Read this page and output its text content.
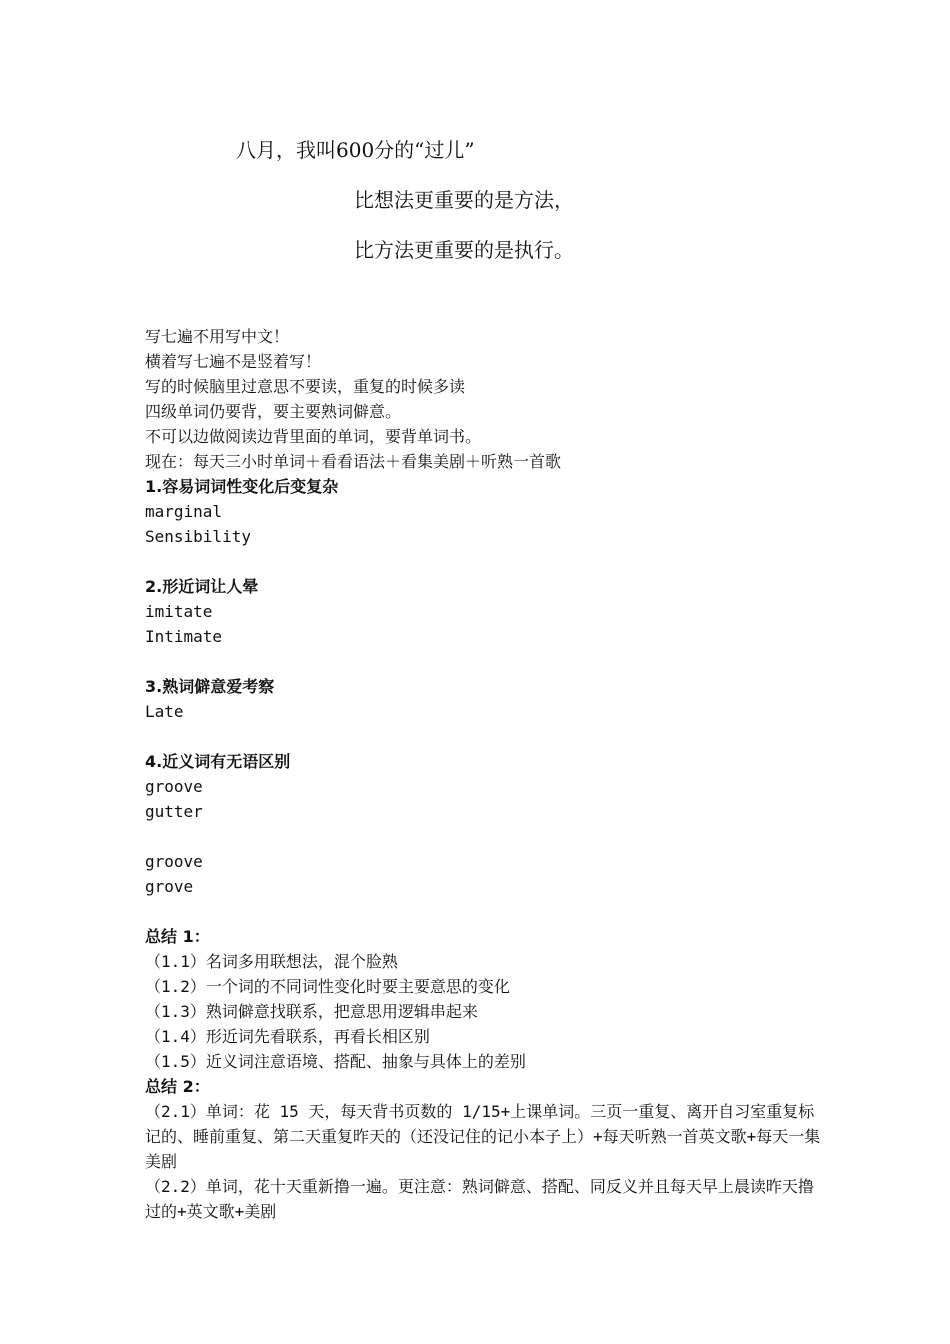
八月，我叫600分的“过儿”
比想法更重要的是方法，
比方法更重要的是执行。
写七遍不用写中文！
横着写七遍不是竖着写！
写的时候脑里过意思不要读，重复的时候多读
四级单词仍要背，要主要熟词僻意。
不可以边做阅读边背里面的单词，要背单词书。
现在：每天三小时单词＋看看语法＋看集美剧＋听熟一首歌
1.容易词词性变化后变复杂
marginal
Sensibility
2.形近词让人晕
imitate
Intimate
3.熟词僻意爱考察
Late
4.近义词有无语区别
groove
gutter
groove
grove
总结 1：
（1.1）名词多用联想法，混个脸熟
（1.2）一个词的不同词性变化时要主要意思的变化
（1.3）熟词僻意找联系，把意思用逻辑串起来
（1.4）形近词先看联系，再看长相区别
（1.5）近义词注意语境、搭配、抽象与具体上的差别
总结 2：
（2.1）单词：花 15 天，每天背书页数的 1/15+上课单词。三页一重复、离开自习室重复标记的、睡前重复、第二天重复昨天的（还没记住的记小本子上）+每天听熟一首英文歌+每天一集美剧
（2.2）单词，花十天重新撸一遍。更注意：熟词僻意、搭配、同反义并且每天早上晨读昨天撸过的+英文歌+美剧
